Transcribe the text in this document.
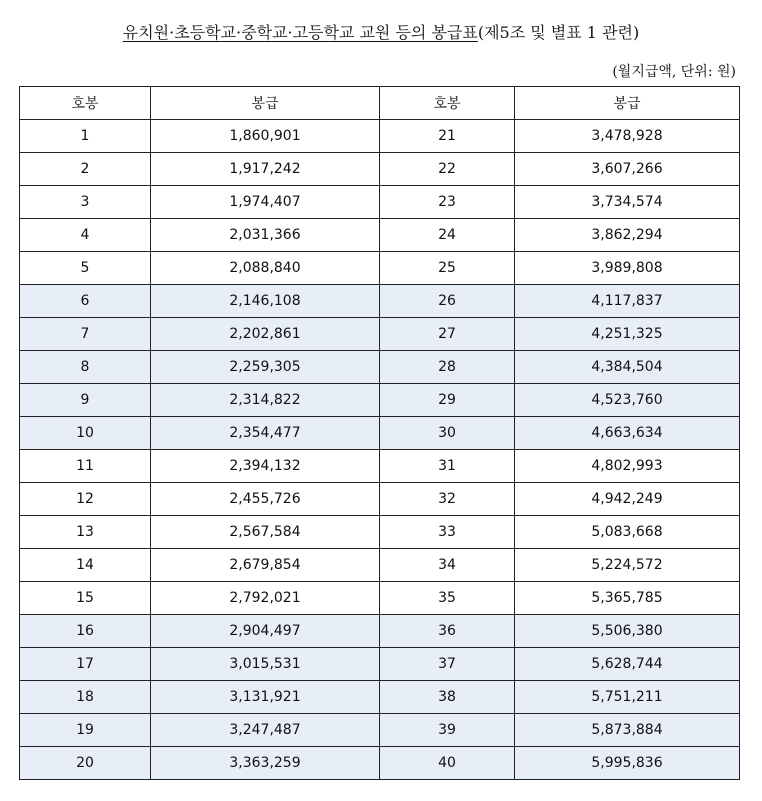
유치원·초등학교·중학교·고등학교 교원 등의 봉급표(제5조 및 별표 1 관련)
(월지급액, 단위: 원)
호봉	봉급	호봉	봉급
1	1,860,901	21	3,478,928
2	1,917,242	22	3,607,266
3	1,974,407	23	3,734,574
4	2,031,366	24	3,862,294
5	2,088,840	25	3,989,808
6	2,146,108	26	4,117,837
7	2,202,861	27	4,251,325
8	2,259,305	28	4,384,504
9	2,314,822	29	4,523,760
10	2,354,477	30	4,663,634
11	2,394,132	31	4,802,993
12	2,455,726	32	4,942,249
13	2,567,584	33	5,083,668
14	2,679,854	34	5,224,572
15	2,792,021	35	5,365,785
16	2,904,497	36	5,506,380
17	3,015,531	37	5,628,744
18	3,131,921	38	5,751,211
19	3,247,487	39	5,873,884
20	3,363,259	40	5,995,836
